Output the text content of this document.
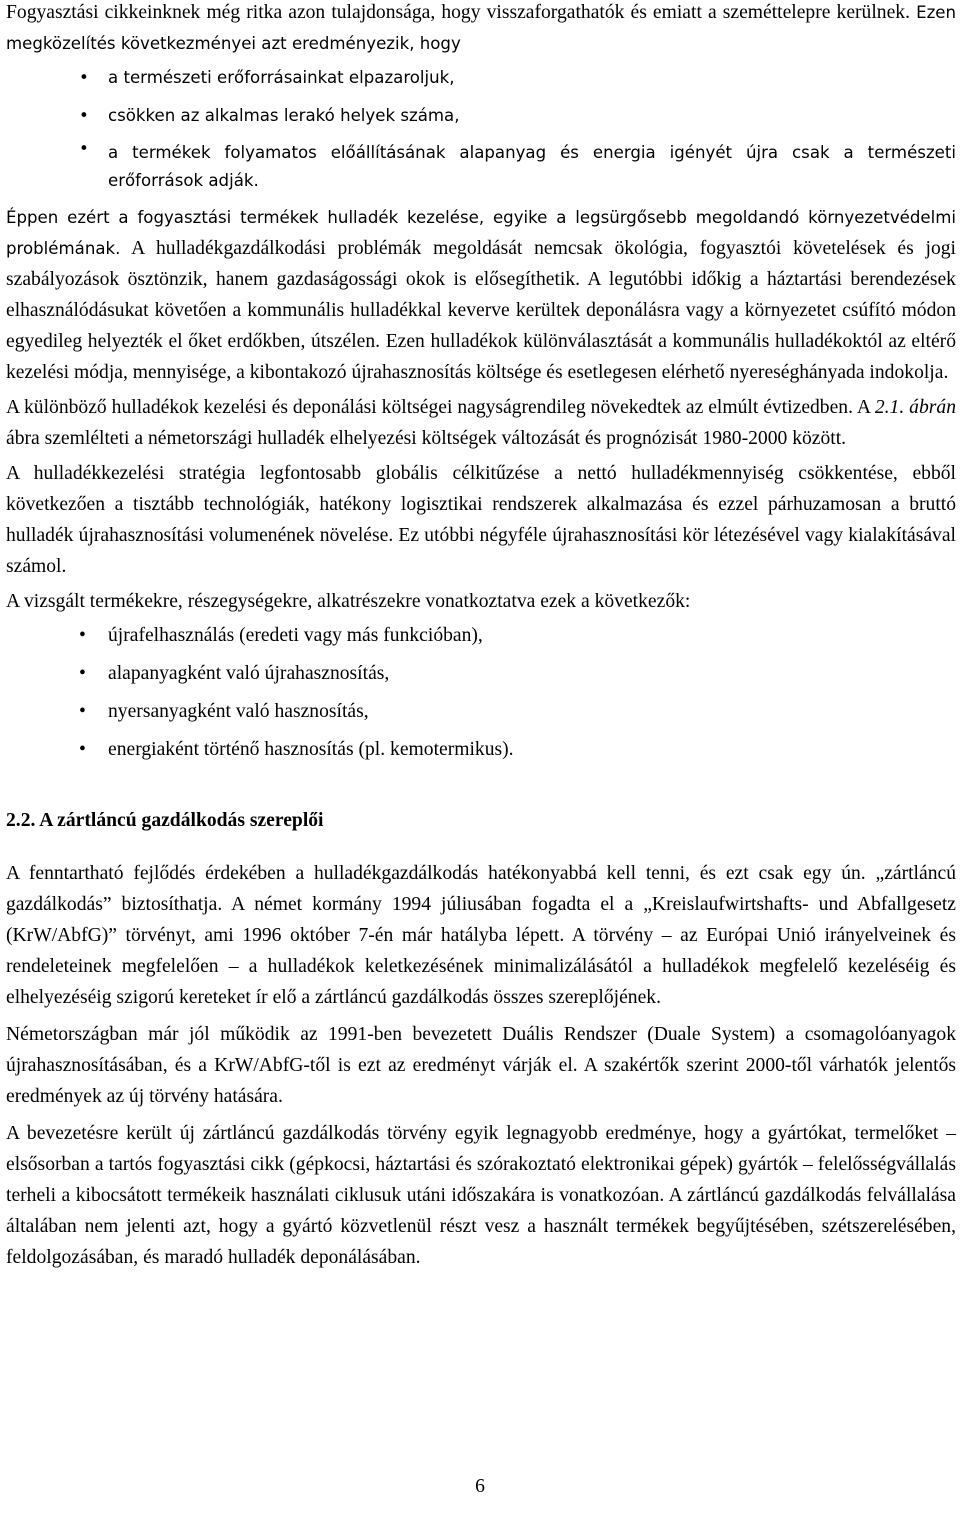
Fogyasztási cikkeinknek még ritka azon tulajdonsága, hogy visszaforgathatók és emiatt a szeméttelepre kerülnek. Ezen megközelítés következményei azt eredményezik, hogy

• a természeti erőforrásainkat elpazaroljuk,
• csökken az alkalmas lerakó helyek száma,
• a termékek folyamatos előállításának alapanyag és energia igényét újra csak a természeti erőforrások adják.

Éppen ezért a fogyasztási termékek hulladék kezelése, egyike a legsürgősebb megoldandó környezetvédelmi problémának. A hulladékgazdálkodási problémák megoldását nemcsak ökológia, fogyasztói követelések és jogi szabályozások ösztönzik, hanem gazdaságossági okok is elősegíthetik. A legutóbbi időkig a háztartási berendezések elhasználódásukat követően a kommunális hulladékkal keverve kerültek deponálásra vagy a környezetet csúfító módon egyedileg helyezték el őket erdőkben, útszélen. Ezen hulladékok különválasztását a kommunális hulladékoktól az eltérő kezelési módja, mennyisége, a kibontakozó újrahasznosítás költsége és esetlegesen elérhető nyereséghányada indokolja.

A különböző hulladékok kezelési és deponálási költségei nagyságrendileg növekedtek az elmúlt évtizedben. A 2.1. ábrán ábra szemlélteti a németországi hulladék elhelyezési költségek változását és prognózisát 1980-2000 között.

A hulladékkezelési stratégia legfontosabb globális célkitűzése a nettó hulladékmennyiség csökkentése, ebből következően a tisztább technológiák, hatékony logisztikai rendszerek alkalmazása és ezzel párhuzamosan a bruttó hulladék újrahasznosítási volumenének növelése. Ez utóbbi négyféle újrahasznosítási kör létezésével vagy kialakításával számol.

A vizsgált termékekre, részegységekre, alkatrészekre vonatkoztatva ezek a következők:

• újrafelhasználás (eredeti vagy más funkcióban),
• alapanyagként való újrahasznosítás,
• nyersanyagként való hasznosítás,
• energiaként történő hasznosítás (pl. kemotermikus).
2.2. A zártláncú gazdálkodás szereplői

A fenntartható fejlődés érdekében a hulladékgazdálkodás hatékonyabbá kell tenni, és ezt csak egy ún. „zártláncú gazdálkodás” biztosíthatja. A német kormány 1994 júliusában fogadta el a „Kreislaufwirtshafts- und Abfallgesetz (KrW/AbfG)” törvényt, ami 1996 október 7-én már hatályba lépett. A törvény – az Európai Unió irányelveinek és rendeleteinek megfelelően – a hulladékok keletkezésének minimalizálásától a hulladékok megfelelő kezeléséig és elhelyezéséig szigorú kereteket ír elő a zártláncú gazdálkodás összes szereplőjének.

Németországban már jól működik az 1991-ben bevezetett Duális Rendszer (Duale System) a csomagolóanyagok újrahasznosításában, és a KrW/AbfG-től is ezt az eredményt várják el. A szakértők szerint 2000-től várhatók jelentős eredmények az új törvény hatására.

A bevezetésre került új zártláncú gazdálkodás törvény egyik legnagyobb eredménye, hogy a gyártókat, termelőket – elsősorban a tartós fogyasztási cikk (gépkocsi, háztartási és szórakoztató elektronikai gépek) gyártók – felelősségvállalás terheli a kibocsátott termékeik használati ciklusuk utáni időszakára is vonatkozóan. A zártláncú gazdálkodás felvállalása általában nem jelenti azt, hogy a gyártó közvetlenül részt vesz a használt termékek begyűjtésében, szétszerelésében, feldolgozásában, és maradó hulladék deponálásában.

6
